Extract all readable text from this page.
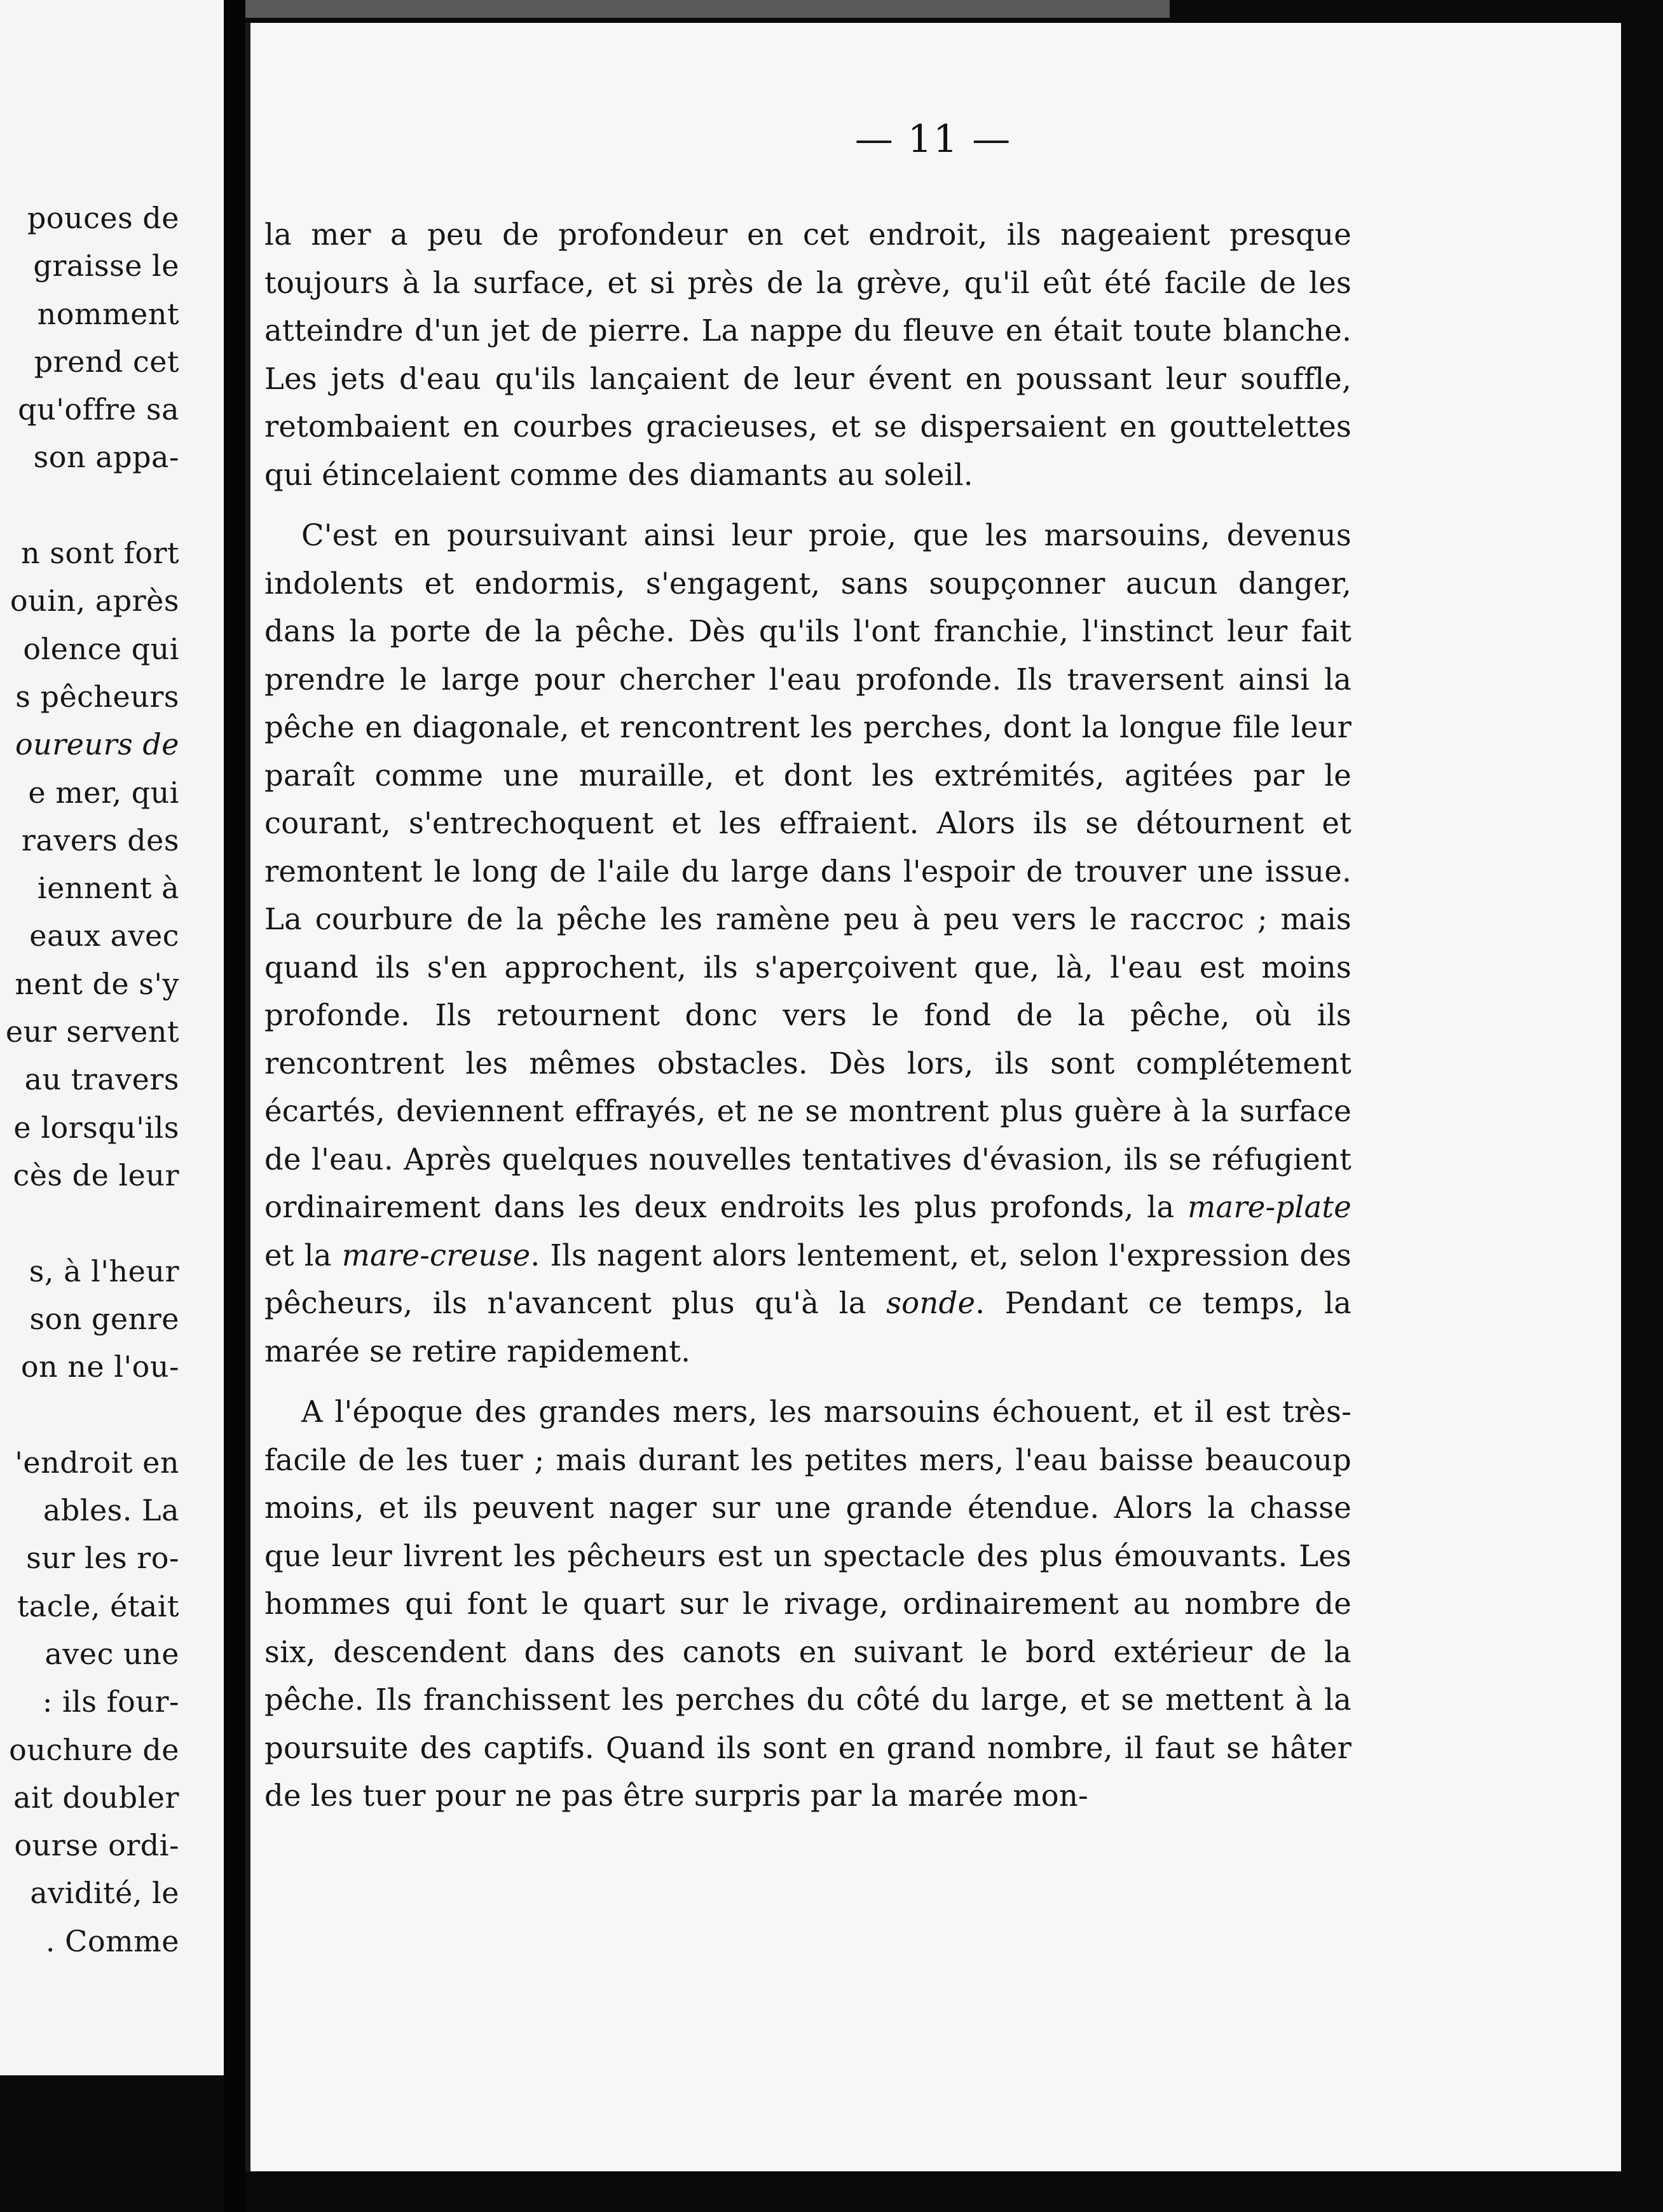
pouces de
graisse le
nomment
prend cet
qu'offre sa
son appa-
n sont fort
ouin, après
olence qui
s pêcheurs
oureurs de
e mer, qui
ravers des
iennent à
eaux avec
nent de s'y
eur servent
au travers
e lorsqu'ils
cès de leur
s, à l'heur
son genre
on ne l'ou-
'endroit en
ables. La
sur les ro-
tacle, était
avec une
: ils four-
ouchure de
ait doubler
ourse ordi-
avidité, le
. Comme
— 11 —

la mer a peu de profondeur en cet endroit, ils nageaient presque toujours à la surface, et si près de la grève, qu'il eût été facile de les atteindre d'un jet de pierre. La nappe du fleuve en était toute blanche. Les jets d'eau qu'ils lançaient de leur évent en poussant leur souffle, retombaient en courbes gracieuses, et se dispersaient en gouttelettes qui étincelaient comme des diamants au soleil.

C'est en poursuivant ainsi leur proie, que les marsouins, devenus indolents et endormis, s'engagent, sans soupçonner aucun danger, dans la porte de la pêche. Dès qu'ils l'ont franchie, l'instinct leur fait prendre le large pour chercher l'eau profonde. Ils traversent ainsi la pêche en diagonale, et rencontrent les perches, dont la longue file leur paraît comme une muraille, et dont les extrémités, agitées par le courant, s'entrechoquent et les effraient. Alors ils se détournent et remontent le long de l'aile du large dans l'espoir de trouver une issue. La courbure de la pêche les ramène peu à peu vers le raccroc ; mais quand ils s'en approchent, ils s'aperçoivent que, là, l'eau est moins profonde. Ils retournent donc vers le fond de la pêche, où ils rencontrent les mêmes obstacles. Dès lors, ils sont complétement écartés, deviennent effrayés, et ne se montrent plus guère à la surface de l'eau. Après quelques nouvelles tentatives d'évasion, ils se réfugient ordinairement dans les deux endroits les plus profonds, la mare-plate et la mare-creuse. Ils nagent alors lentement, et, selon l'expression des pêcheurs, ils n'avancent plus qu'à la sonde. Pendant ce temps, la marée se retire rapidement.

A l'époque des grandes mers, les marsouins échouent, et il est très-facile de les tuer ; mais durant les petites mers, l'eau baisse beaucoup moins, et ils peuvent nager sur une grande étendue. Alors la chasse que leur livrent les pêcheurs est un spectacle des plus émouvants. Les hommes qui font le quart sur le rivage, ordinairement au nombre de six, descendent dans des canots en suivant le bord extérieur de la pêche. Ils franchissent les perches du côté du large, et se mettent à la poursuite des captifs. Quand ils sont en grand nombre, il faut se hâter de les tuer pour ne pas être surpris par la marée mon-
